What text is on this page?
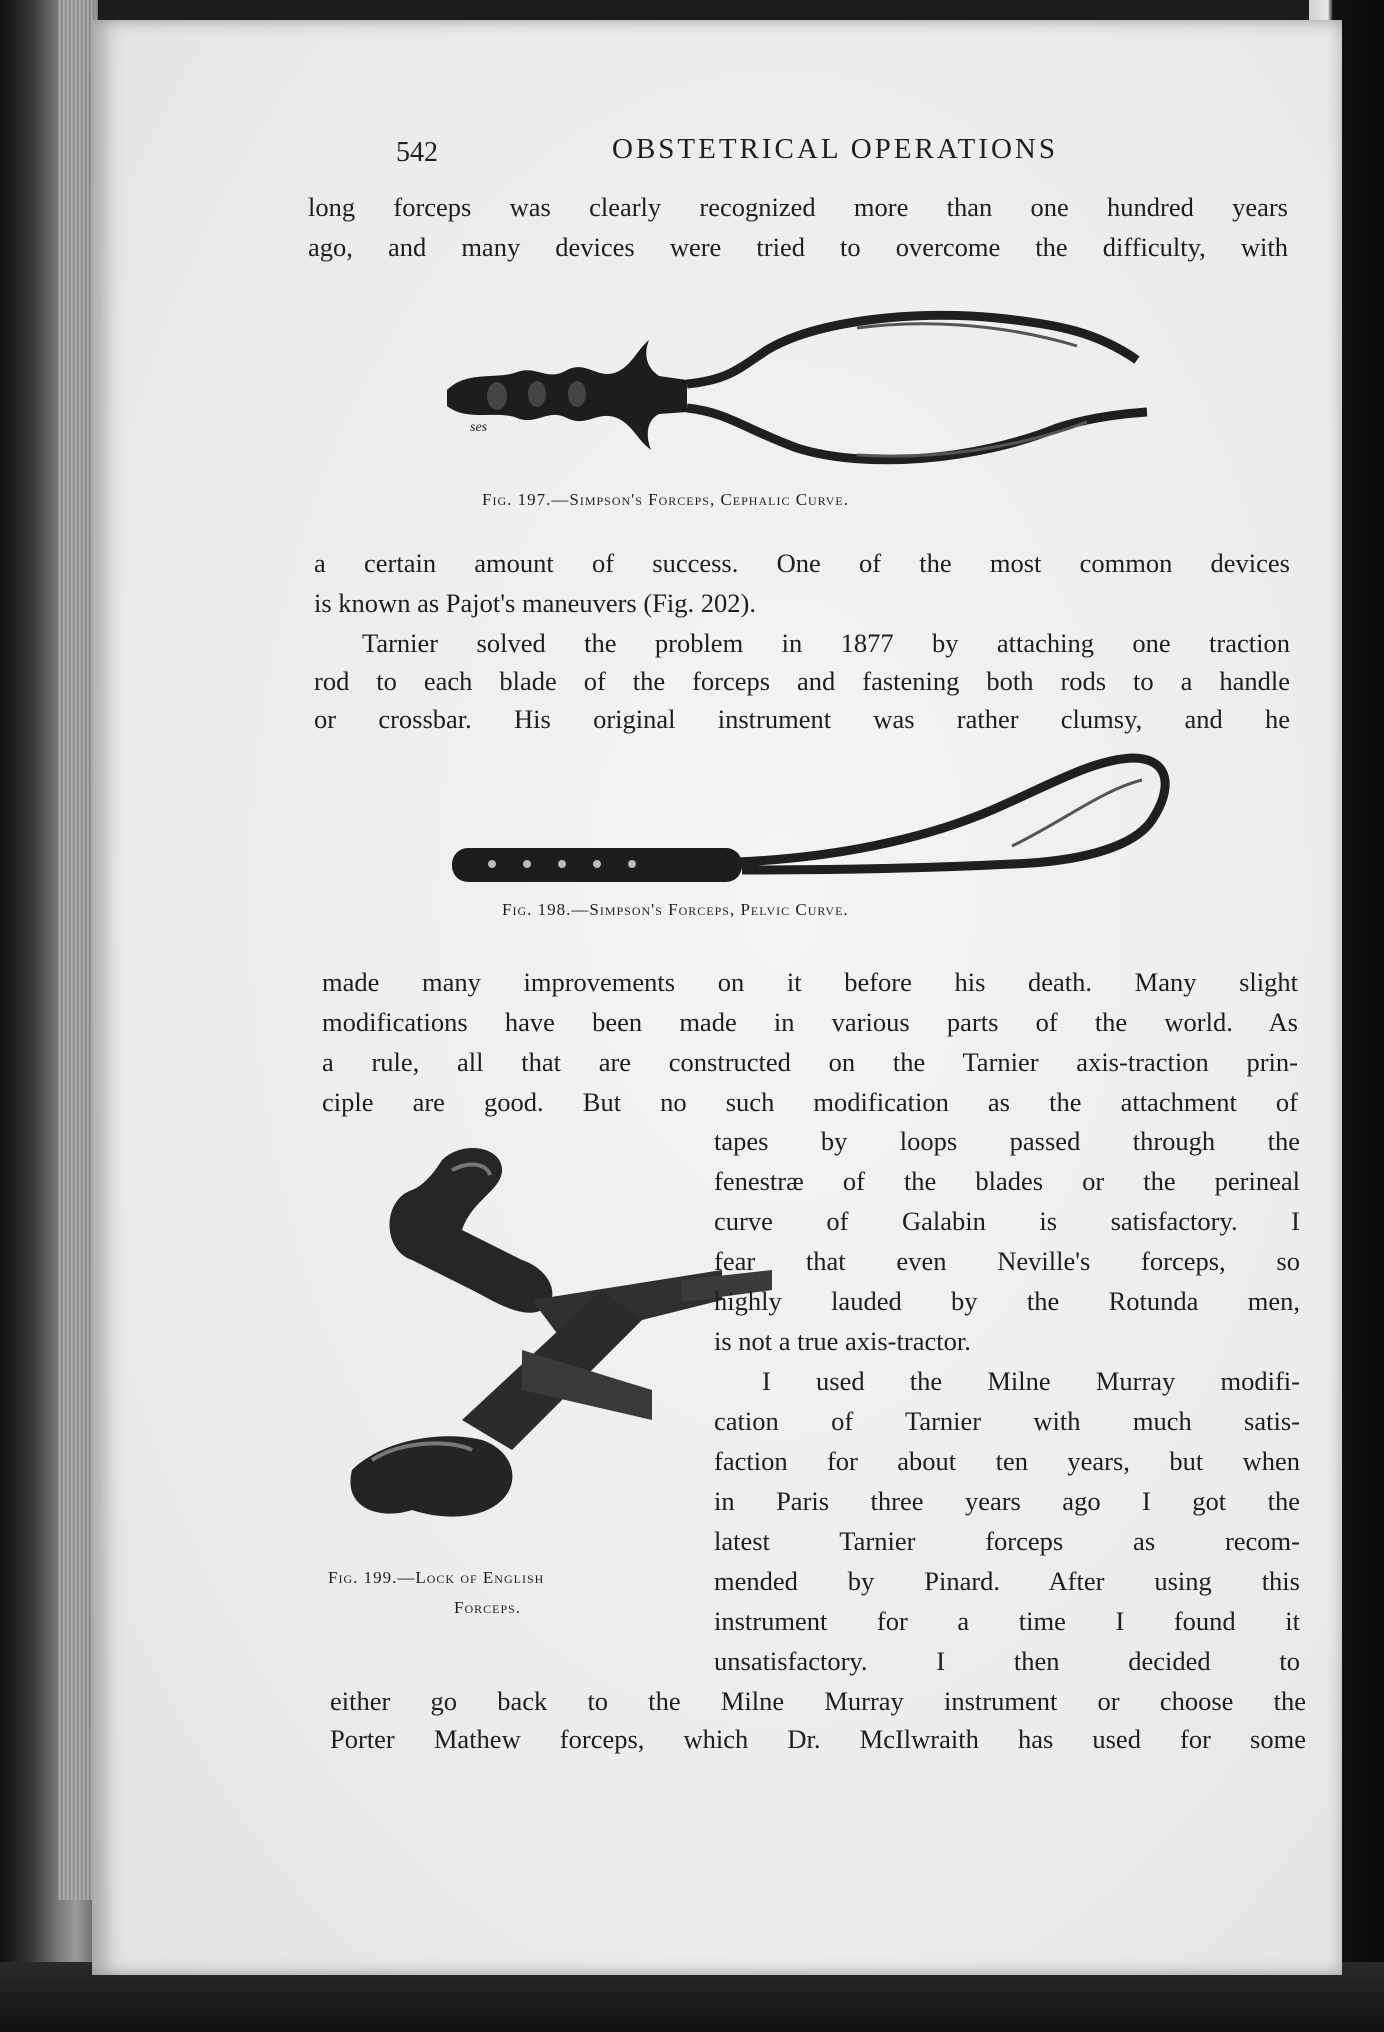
542	OBSTETRICAL OPERATIONS
long forceps was clearly recognized more than one hundred years
ago, and many devices were tried to overcome the difficulty, with
ses
Fig. 197.—Simpson's Forceps, Cephalic Curve.
a certain amount of success. One of the most common devices
is known as Pajot's maneuvers (Fig. 202).
Tarnier solved the problem in 1877 by attaching one traction
rod to each blade of the forceps and fastening both rods to a handle
or crossbar. His original instrument was rather clumsy, and he
Fig. 198.—Simpson's Forceps, Pelvic Curve.
made many improvements on it before his death. Many slight
modifications have been made in various parts of the world. As
a rule, all that are constructed on the Tarnier axis-traction prin-
ciple are good. But no such modification as the attachment of
Fig. 199.—Lock of English
Forceps.
tapes by loops passed through the
fenestræ of the blades or the perineal
curve of Galabin is satisfactory. I
fear that even Neville's forceps, so
highly lauded by the Rotunda men,
is not a true axis-tractor.
I used the Milne Murray modifi-
cation of Tarnier with much satis-
faction for about ten years, but when
in Paris three years ago I got the
latest Tarnier forceps as recom-
mended by Pinard. After using this
instrument for a time I found it
unsatisfactory. I then decided to
either go back to the Milne Murray instrument or choose the
Porter Mathew forceps, which Dr. McIlwraith has used for some
